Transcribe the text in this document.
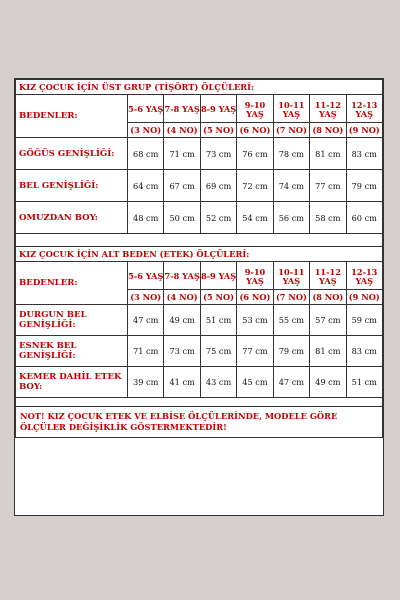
KIZ ÇOCUK İÇİN ÜST GRUP (TİŞÖRT) ÖLÇÜLERİ:							
BEDENLER:	5-6 YAŞ	7-8 YAŞ	8-9 YAŞ	9-10 YAŞ	10-11 YAŞ	11-12 YAŞ	12-13 YAŞ
	(3 NO)	(4 NO)	(5 NO)	(6 NO)	(7 NO)	(8 NO)	(9 NO)
GÖĞÜS GENİŞLİĞİ:	68 cm	71 cm	73 cm	76 cm	78 cm	81 cm	83 cm
BEL GENİŞLİĞİ:	64 cm	67 cm	69 cm	72 cm	74 cm	77 cm	79 cm
OMUZDAN BOY:	48 cm	50 cm	52 cm	54 cm	56 cm	58 cm	60 cm

KIZ ÇOCUK İÇİN ALT BEDEN (ETEK) ÖLÇÜLERİ:							
BEDENLER:	5-6 YAŞ	7-8 YAŞ	8-9 YAŞ	9-10 YAŞ	10-11 YAŞ	11-12 YAŞ	12-13 YAŞ
	(3 NO)	(4 NO)	(5 NO)	(6 NO)	(7 NO)	(8 NO)	(9 NO)
DURGUN BEL GENİŞLİĞİ:	47 cm	49 cm	51 cm	53 cm	55 cm	57 cm	59 cm
ESNEK BEL GENİŞLİĞİ:	71 cm	73 cm	75 cm	77 cm	79 cm	81 cm	83 cm
KEMER DAHİL ETEK BOY:	39 cm	41 cm	43 cm	45 cm	47 cm	49 cm	51 cm

NOT! KIZ ÇOCUK ETEK VE ELBİSE ÖLÇÜLERİNDE, MODELE GÖRE ÖLÇÜLER DEĞİŞİKLİK GÖSTERMEKTEDİR!							
